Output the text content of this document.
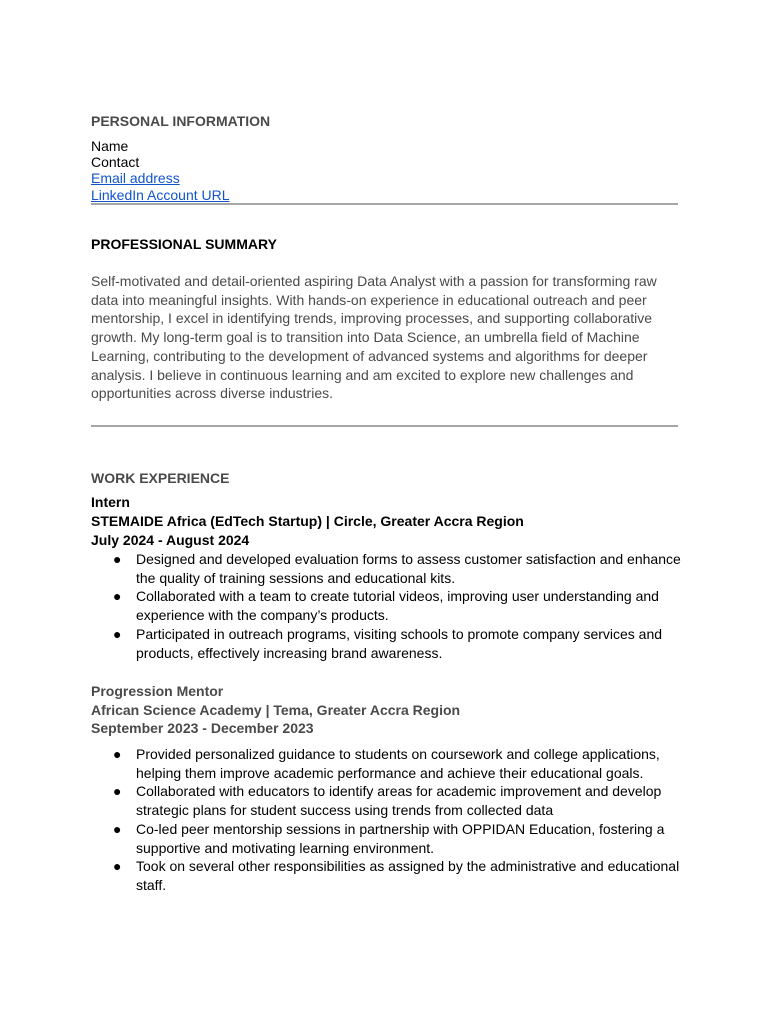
PERSONAL INFORMATION
Name
Contact
Email address
LinkedIn Account URL
PROFESSIONAL SUMMARY
Self-motivated and detail-oriented aspiring Data Analyst with a passion for transforming raw
data into meaningful insights. With hands-on experience in educational outreach and peer
mentorship, I excel in identifying trends, improving processes, and supporting collaborative
growth. My long-term goal is to transition into Data Science, an umbrella field of Machine
Learning, contributing to the development of advanced systems and algorithms for deeper
analysis. I believe in continuous learning and am excited to explore new challenges and
opportunities across diverse industries.
WORK EXPERIENCE
Intern
STEMAIDE Africa (EdTech Startup) | Circle, Greater Accra Region
July 2024 - August 2024
● Designed and developed evaluation forms to assess customer satisfaction and enhance
the quality of training sessions and educational kits.
● Collaborated with a team to create tutorial videos, improving user understanding and
experience with the company’s products.
● Participated in outreach programs, visiting schools to promote company services and
products, effectively increasing brand awareness.
Progression Mentor
African Science Academy | Tema, Greater Accra Region
September 2023 - December 2023
● Provided personalized guidance to students on coursework and college applications,
helping them improve academic performance and achieve their educational goals.
● Collaborated with educators to identify areas for academic improvement and develop
strategic plans for student success using trends from collected data
● Co-led peer mentorship sessions in partnership with OPPIDAN Education, fostering a
supportive and motivating learning environment.
● Took on several other responsibilities as assigned by the administrative and educational
staff.
